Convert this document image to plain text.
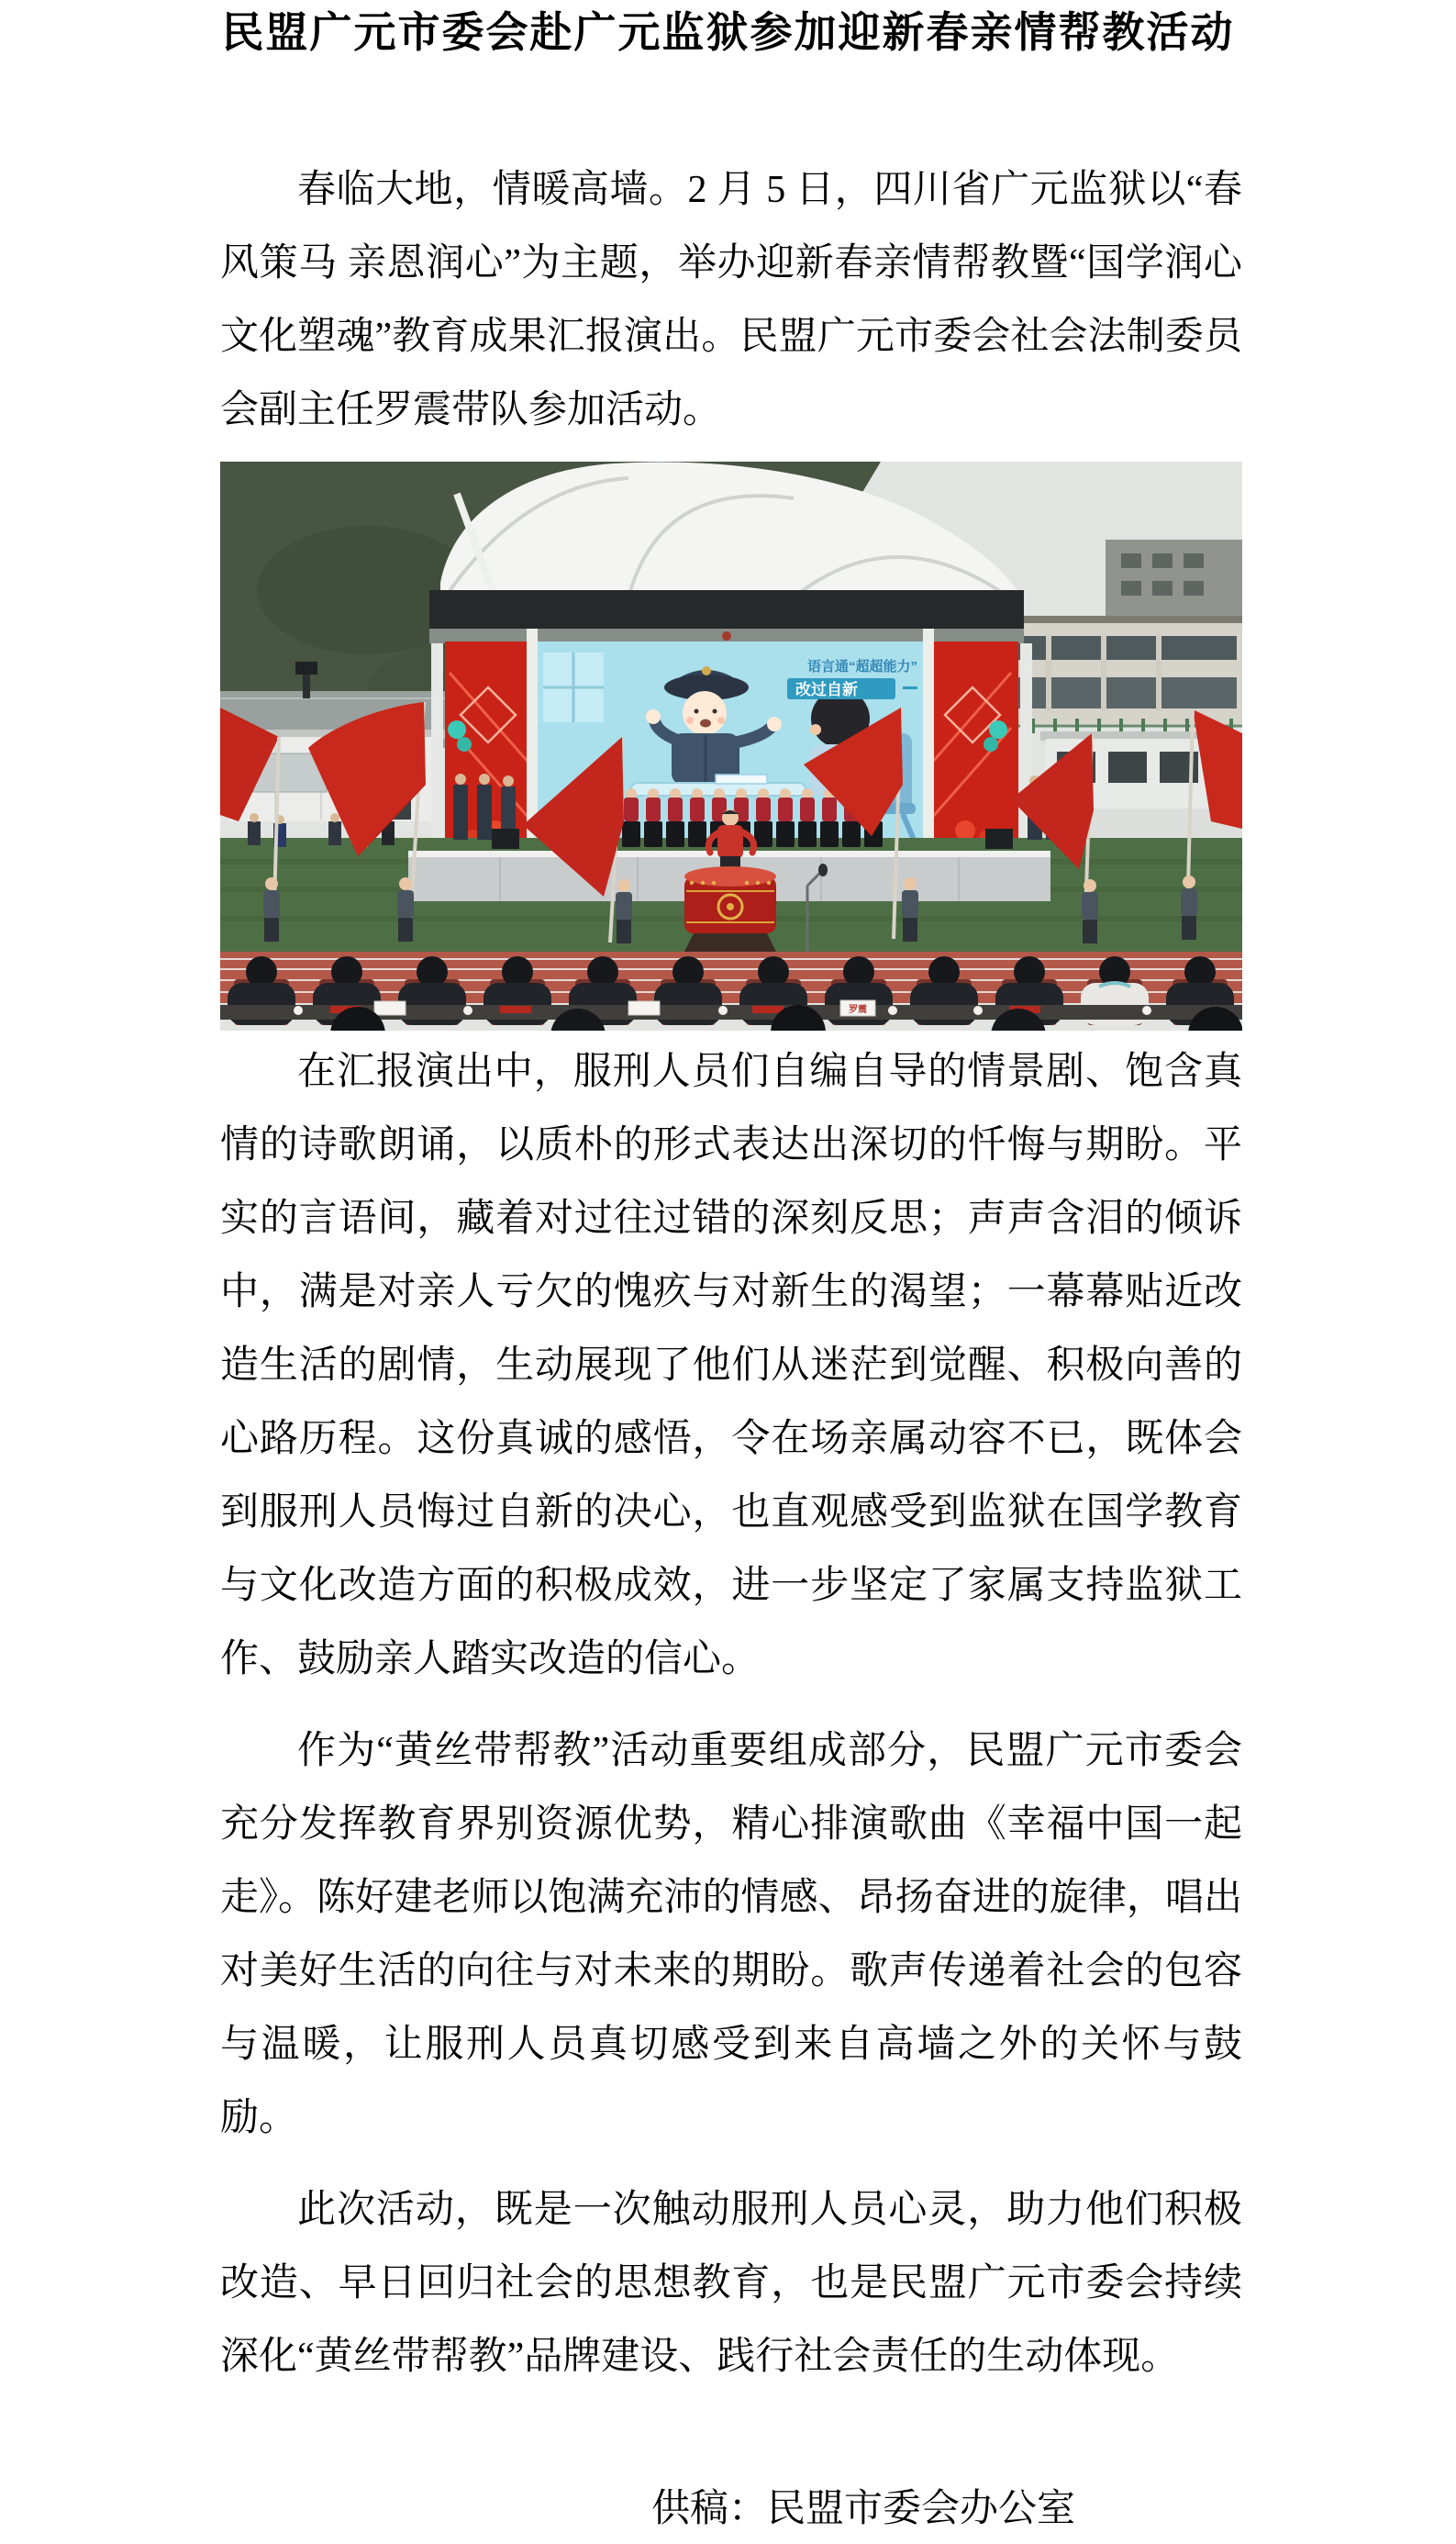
民盟广元市委会赴广元监狱参加迎新春亲情帮教活动

春临大地，情暖高墙。2 月 5 日，四川省广元监狱以“春风策马 亲恩润心”为主题，举办迎新春亲情帮教暨“国学润心 文化塑魂”教育成果汇报演出。民盟广元市委会社会法制委员会副主任罗震带队参加活动。

语言通“超超能力”
改过自新
罗震

在汇报演出中，服刑人员们自编自导的情景剧、饱含真情的诗歌朗诵，以质朴的形式表达出深切的忏悔与期盼。平实的言语间，藏着对过往过错的深刻反思；声声含泪的倾诉中，满是对亲人亏欠的愧疚与对新生的渴望；一幕幕贴近改造生活的剧情，生动展现了他们从迷茫到觉醒、积极向善的心路历程。这份真诚的感悟，令在场亲属动容不已，既体会到服刑人员悔过自新的决心，也直观感受到监狱在国学教育与文化改造方面的积极成效，进一步坚定了家属支持监狱工作、鼓励亲人踏实改造的信心。

作为“黄丝带帮教”活动重要组成部分，民盟广元市委会充分发挥教育界别资源优势，精心排演歌曲《幸福中国一起走》。陈好建老师以饱满充沛的情感、昂扬奋进的旋律，唱出对美好生活的向往与对未来的期盼。歌声传递着社会的包容与温暖，让服刑人员真切感受到来自高墙之外的关怀与鼓励。

此次活动，既是一次触动服刑人员心灵，助力他们积极改造、早日回归社会的思想教育，也是民盟广元市委会持续深化“黄丝带帮教”品牌建设、践行社会责任的生动体现。

供稿：民盟市委会办公室
